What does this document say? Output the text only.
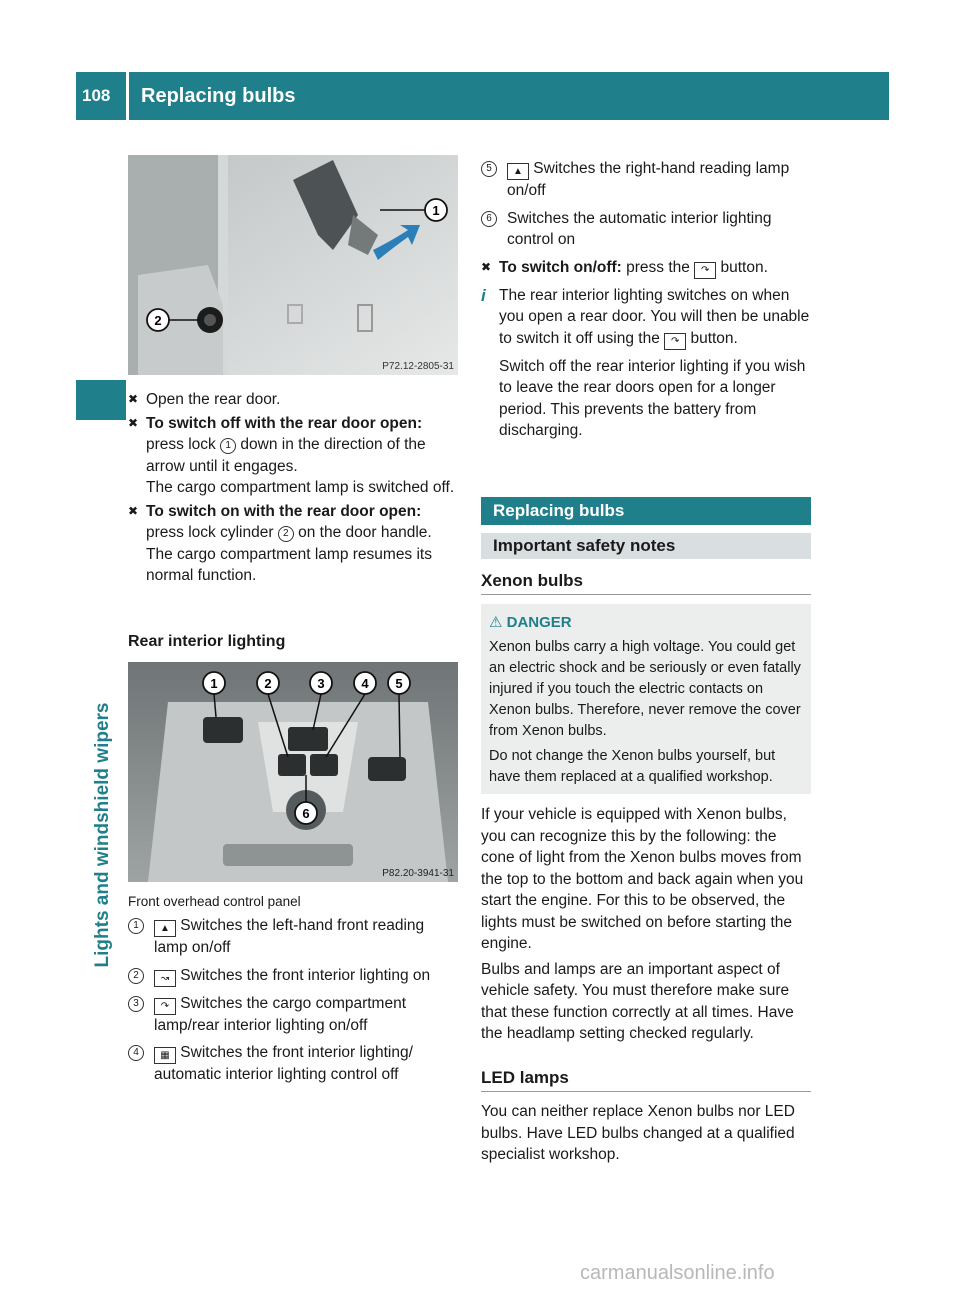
108	Replacing bulbs
Lights and windshield wipers
1
2
P72.12-2805-31

✖ Open the rear door.

✖ To switch off with the rear door open:
press lock 1 down in the direction of the arrow until it engages.
The cargo compartment lamp is switched off.

✖ To switch on with the rear door open:
press lock cylinder 2 on the door handle.
The cargo compartment lamp resumes its normal function.

Rear interior lighting
1	2	3	4 5
6
P82.20-3941-31
Front overhead control panel
1	▲ Switches the left-hand front reading lamp on/off
2	↝ Switches the front interior lighting on
3	↷ Switches the cargo compartment lamp/rear interior lighting on/off
4	▦ Switches the front interior lighting/ automatic interior lighting control off
5	▲ Switches the right-hand reading lamp on/off
6 Switches the automatic interior lighting control on

✖ To switch on/off: press the ↷ button.

i The rear interior lighting switches on when you open a rear door. You will then be unable to switch it off using the ↷ button.

Switch off the rear interior lighting if you wish to leave the rear doors open for a longer period. This prevents the battery from discharging.

Replacing bulbs
Important safety notes
Xenon bulbs
⚠ DANGER

Xenon bulbs carry a high voltage. You could get an electric shock and be seriously or even fatally injured if you touch the electric contacts on Xenon bulbs. Therefore, never remove the cover from Xenon bulbs.

Do not change the Xenon bulbs yourself, but have them replaced at a qualified workshop.

If your vehicle is equipped with Xenon bulbs, you can recognize this by the following: the cone of light from the Xenon bulbs moves from the top to the bottom and back again when you start the engine. For this to be observed, the lights must be switched on before starting the engine.

Bulbs and lamps are an important aspect of vehicle safety. You must therefore make sure that these function correctly at all times. Have the headlamp setting checked regularly.

LED lamps
You can neither replace Xenon bulbs nor LED bulbs. Have LED bulbs changed at a qualified specialist workshop.
carmanualsonline.info
